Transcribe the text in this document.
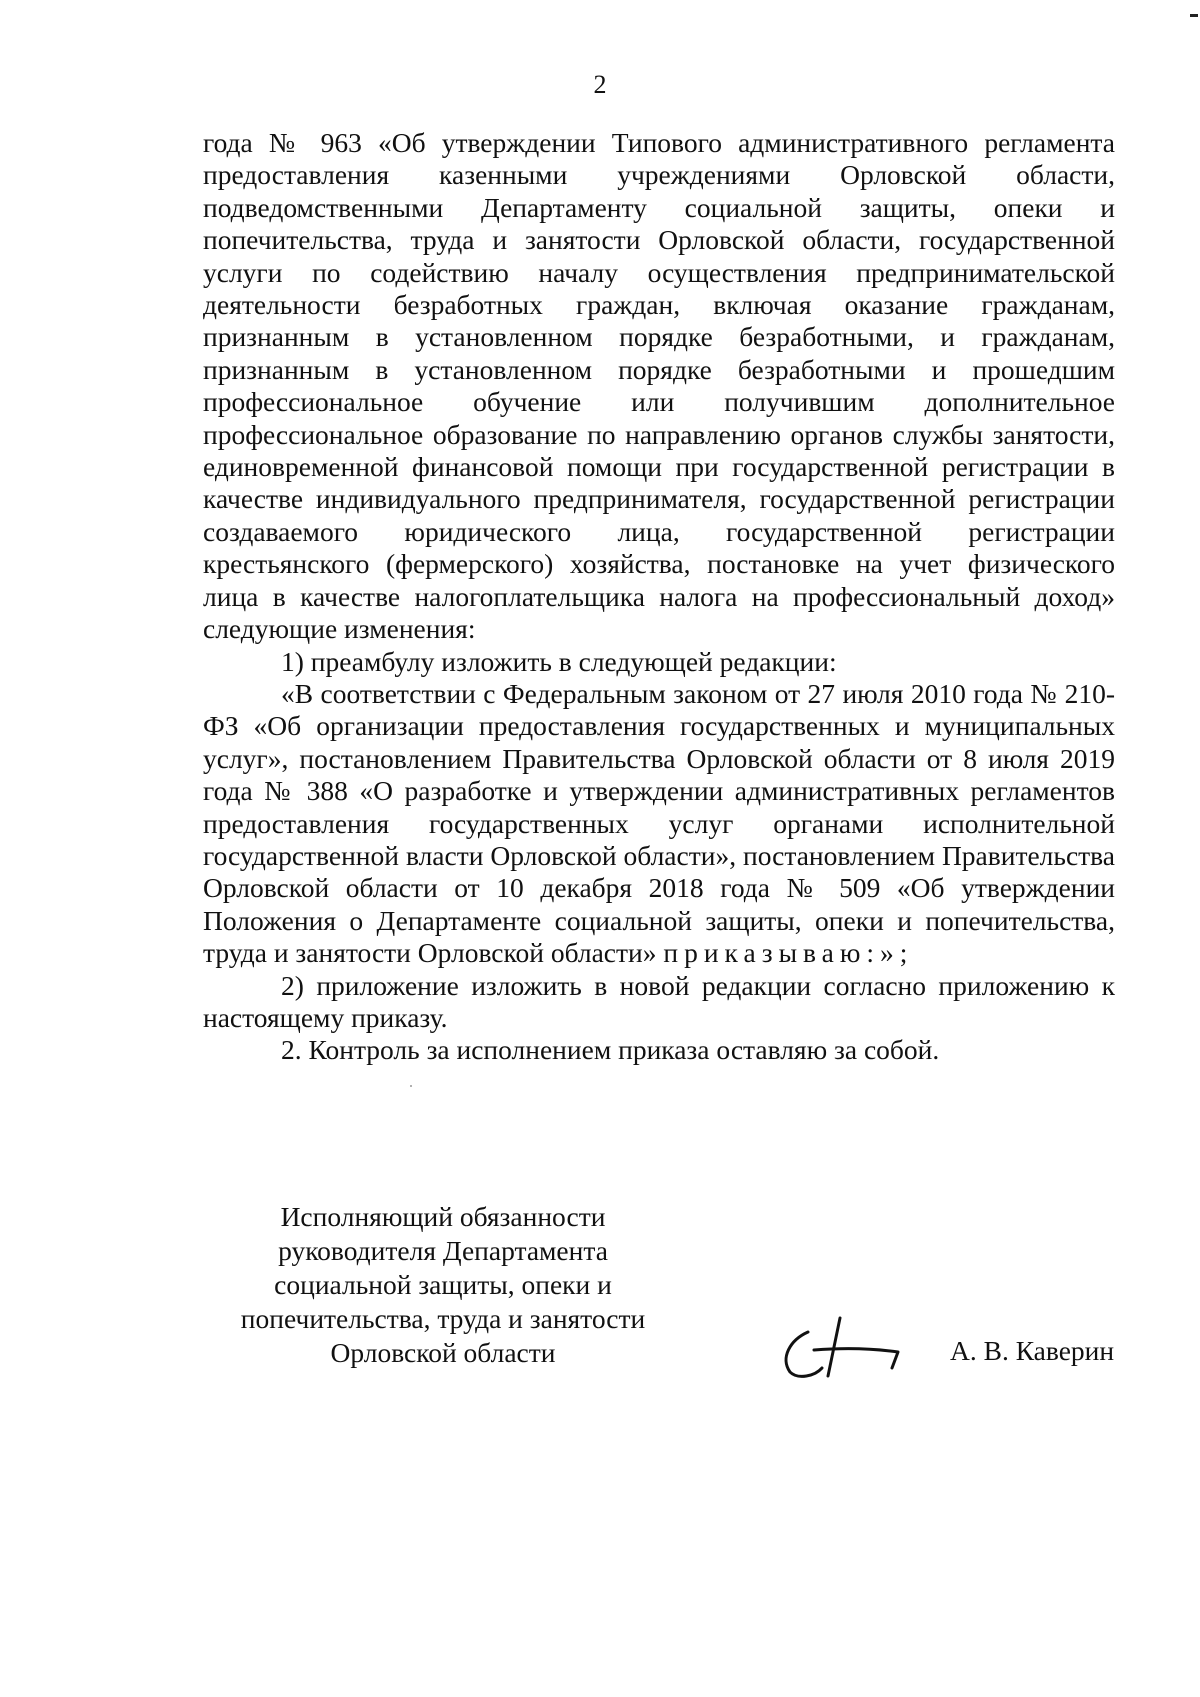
2

года № 963 «Об утверждении Типового административного регламента предоставления казенными учреждениями Орловской области, подведомственными Департаменту социальной защиты, опеки и попечительства, труда и занятости Орловской области, государственной услуги по содействию началу осуществления предпринимательской деятельности безработных граждан, включая оказание гражданам, признанным в установленном порядке безработными, и гражданам, признанным в установленном порядке безработными и прошедшим профессиональное обучение или получившим дополнительное профессиональное образование по направлению органов службы занятости, единовременной финансовой помощи при государственной регистрации в качестве индивидуального предпринимателя, государственной регистрации создаваемого юридического лица, государственной регистрации крестьянского (фермерского) хозяйства, постановке на учет физического лица в качестве налогоплательщика налога на профессиональный доход» следующие изменения:

1) преамбулу изложить в следующей редакции:

«В соответствии с Федеральным законом от 27 июля 2010 года № 210-ФЗ «Об организации предоставления государственных и муниципальных услуг», постановлением Правительства Орловской области от 8 июля 2019 года № 388 «О разработке и утверждении административных регламентов предоставления государственных услуг органами исполнительной государственной власти Орловской области», постановлением Правительства Орловской области от 10 декабря 2018 года № 509 «Об утверждении Положения о Департаменте социальной защиты, опеки и попечительства, труда и занятости Орловской области» приказываю:»;

2) приложение изложить в новой редакции согласно приложению к настоящему приказу.

2. Контроль за исполнением приказа оставляю за собой.

Исполняющий обязанности
руководителя Департамента
социальной защиты, опеки и
попечительства, труда и занятости
Орловской области	А. В. Каверин
